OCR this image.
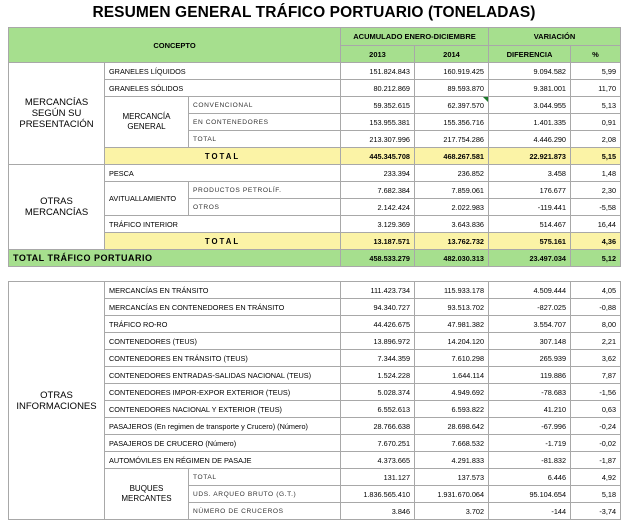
RESUMEN GENERAL TRÁFICO PORTUARIO (TONELADAS)
CONCEPTO			ACUMULADO ENERO-DICIEMBRE		VARIACIÓN	
			2013	2014	DIFERENCIA	%
MERCANCÍAS SEGÚN SU PRESENTACIÓN	GRANELES LÍQUIDOS		151.824.843	160.919.425	9.094.582	5,99
	GRANELES SÓLIDOS		80.212.869	89.593.870	9.381.001	11,70
	MERCANCÍA GENERAL	CONVENCIONAL	59.352.615	62.397.570	3.044.955	5,13
		EN CONTENEDORES	153.955.381	155.356.716	1.401.335	0,91
		TOTAL	213.307.996	217.754.286	4.446.290	2,08
	TOTAL		445.345.708	468.267.581	22.921.873	5,15
OTRAS MERCANCÍAS	PESCA		233.394	236.852	3.458	1,48
	AVITUALLAMIENTO	PRODUCTOS PETROLÍF.	7.682.384	7.859.061	176.677	2,30
		OTROS	2.142.424	2.022.983	-119.441	-5,58
	TRÁFICO INTERIOR		3.129.369	3.643.836	514.467	16,44
	TOTAL		13.187.571	13.762.732	575.161	4,36
TOTAL TRÁFICO PORTUARIO			458.533.279	482.030.313	23.497.034	5,12
OTRAS INFORMACIONES	MERCANCÍAS EN TRÁNSITO		111.423.734	115.933.178	4.509.444	4,05
	MERCANCÍAS EN CONTENEDORES EN TRÁNSITO		94.340.727	93.513.702	-827.025	-0,88
	TRÁFICO RO-RO		44.426.675	47.981.382	3.554.707	8,00
	CONTENEDORES (TEUS)		13.896.972	14.204.120	307.148	2,21
	CONTENEDORES EN TRÁNSITO (TEUS)		7.344.359	7.610.298	265.939	3,62
	CONTENEDORES ENTRADAS-SALIDAS NACIONAL (TEUS)		1.524.228	1.644.114	119.886	7,87
	CONTENEDORES IMPOR-EXPOR EXTERIOR (TEUS)		5.028.374	4.949.692	-78.683	-1,56
	CONTENEDORES NACIONAL Y EXTERIOR (TEUS)		6.552.613	6.593.822	41.210	0,63
	PASAJEROS (En regimen de transporte y Crucero) (Número)		28.766.638	28.698.642	-67.996	-0,24
	PASAJEROS DE CRUCERO (Número)		7.670.251	7.668.532	-1.719	-0,02
	AUTOMÓVILES EN RÉGIMEN DE PASAJE		4.373.665	4.291.833	-81.832	-1,87
	BUQUES MERCANTES	TOTAL	131.127	137.573	6.446	4,92
		UDS. ARQUEO BRUTO (G.T.)	1.836.565.410	1.931.670.064	95.104.654	5,18
		NÚMERO DE CRUCEROS	3.846	3.702	-144	-3,74
